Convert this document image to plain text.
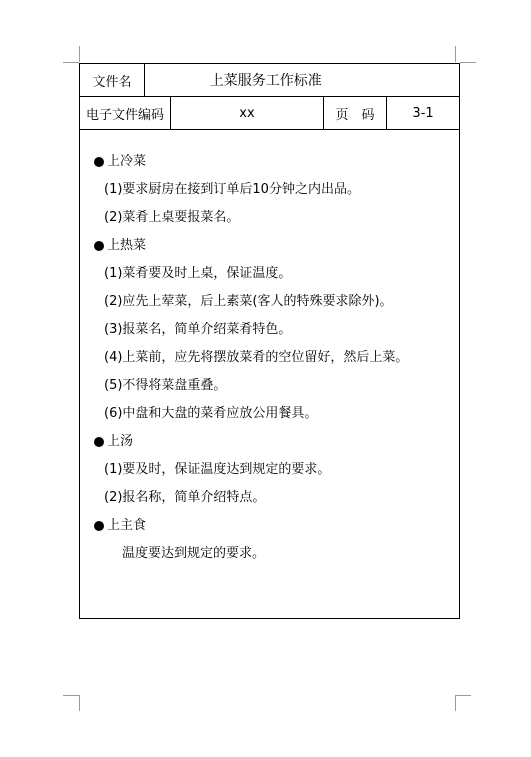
文件名	上菜服务工作标准			
电子文件编码		xx	页　码	3-1
上冷菜
(1)要求厨房在接到订单后10分钟之内出品。
(2)菜肴上桌要报菜名。
上热菜
(1)菜肴要及时上桌，保证温度。
(2)应先上荤菜，后上素菜(客人的特殊要求除外)。
(3)报菜名，简单介绍菜肴特色。
(4)上菜前，应先将摆放菜肴的空位留好，然后上菜。
(5)不得将菜盘重叠。
(6)中盘和大盘的菜肴应放公用餐具。
上汤
(1)要及时，保证温度达到规定的要求。
(2)报名称，简单介绍特点。
上主食
温度要达到规定的要求。
